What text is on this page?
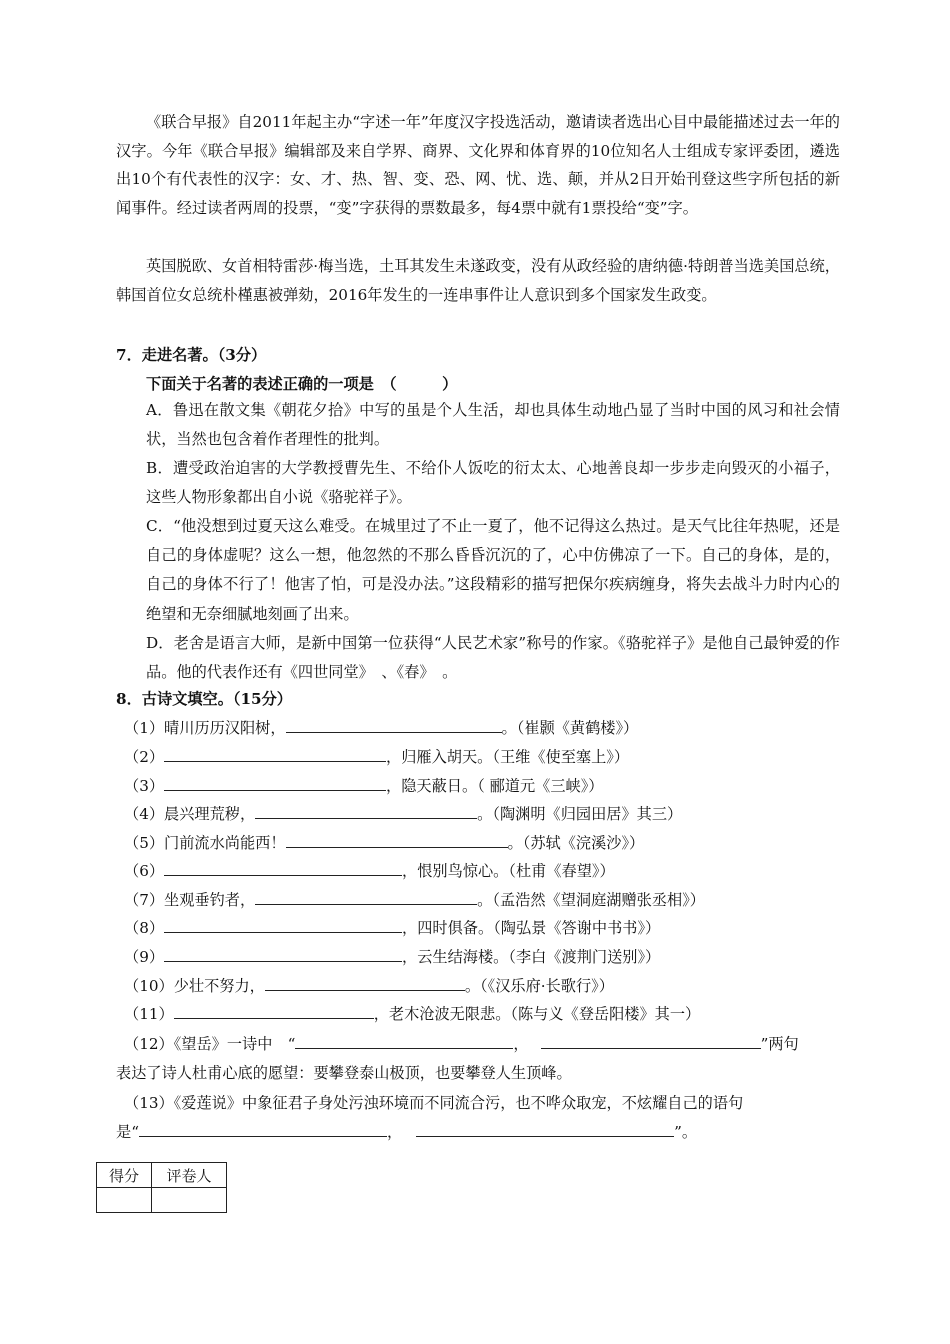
《联合早报》自2011年起主办“字述一年”年度汉字投选活动，邀请读者选出心目中最能描述过去一年的汉字。今年《联合早报》编辑部及来自学界、商界、文化界和体育界的10位知名人士组成专家评委团，遴选出10个有代表性的汉字：女、才、热、智、变、恐、网、忧、选、颠，并从2日开始刊登这些字所包括的新闻事件。经过读者两周的投票，“变”字获得的票数最多，每4票中就有1票投给“变”字。

英国脱欧、女首相特雷莎·梅当选，土耳其发生未遂政变，没有从政经验的唐纳德·特朗普当选美国总统，韩国首位女总统朴槿惠被弹劾，2016年发生的一连串事件让人意识到多个国家发生政变。

7．走进名著。（3分）

下面关于名著的表述正确的一项是　（　　　）

A．鲁迅在散文集《朝花夕拾》中写的虽是个人生活，却也具体生动地凸显了当时中国的风习和社会情状，当然也包含着作者理性的批判。

B．遭受政治迫害的大学教授曹先生、不给仆人饭吃的衍太太、心地善良却一步步走向毁灭的小福子，这些人物形象都出自小说《骆驼祥子》。

C．“他没想到过夏天这么难受。在城里过了不止一夏了，他不记得这么热过。是天气比往年热呢，还是自己的身体虚呢？这么一想，他忽然的不那么昏昏沉沉的了，心中仿佛凉了一下。自己的身体，是的，自己的身体不行了！他害了怕，可是没办法。”这段精彩的描写把保尔疾病缠身，将失去战斗力时内心的绝望和无奈细腻地刻画了出来。

D．老舍是语言大师，是新中国第一位获得“人民艺术家”称号的作家。《骆驼祥子》是他自己最钟爱的作品。他的代表作还有《四世同堂》　、《春》　。

8．古诗文填空。（15分）

（1）晴川历历汉阳树，	。（崔颢《黄鹤楼》）

（2）	，归雁入胡天。（王维《使至塞上》）

（3）	，隐天蔽日。（ 郦道元《三峡》）

（4）晨兴理荒秽，	。（陶渊明《归园田居》其三）

（5）门前流水尚能西！	。（苏轼《浣溪沙》）

（6）	，恨别鸟惊心。（杜甫《春望》）

（7）坐观垂钓者，	。（孟浩然《望洞庭湖赠张丞相》）

（8）	，四时俱备。（陶弘景《答谢中书书》）

（9）	，云生结海楼。（李白《渡荆门送别》）

（10）少壮不努力，	。（《汉乐府·长歌行》）

（11）	，老木沧波无限悲。（陈与义《登岳阳楼》其一）

（12）《望岳》一诗中　“	，	”两句

表达了诗人杜甫心底的愿望：要攀登泰山极顶，也要攀登人生顶峰。

（13）《爱莲说》中象征君子身处污浊环境而不同流合污，也不哗众取宠，不炫耀自己的语句

是“	，	”。

得分	评卷人
